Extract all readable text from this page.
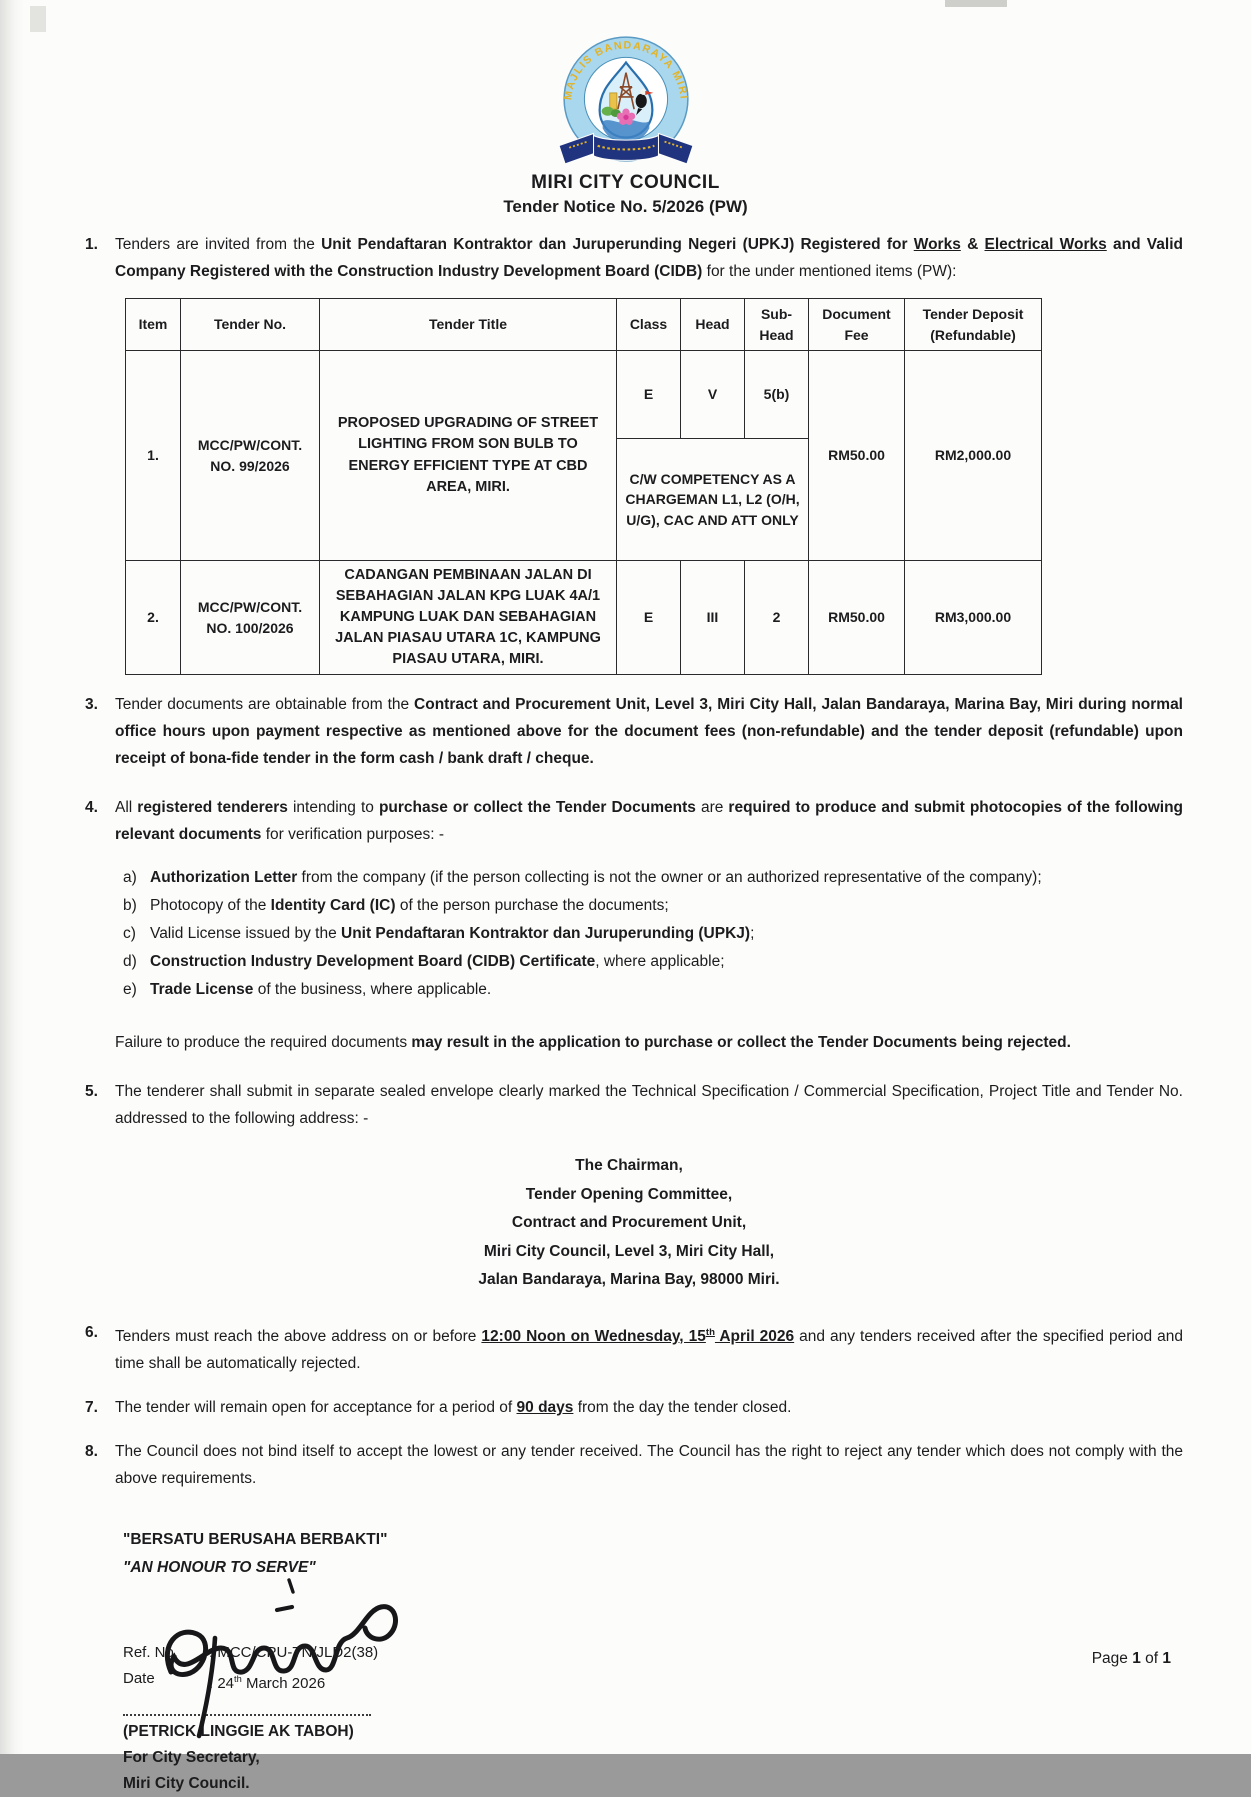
MAJLIS BANDARAYA MIRI
MIRI CITY COUNCIL
Tender Notice No. 5/2026 (PW)
1.	Tenders are invited from the Unit Pendaftaran Kontraktor dan Juruperunding Negeri (UPKJ) Registered for Works & Electrical Works and Valid Company Registered with the Construction Industry Development Board (CIDB) for the under mentioned items (PW):
Item	Tender No.	Tender Title	Class	Head	Sub-Head	Document Fee	Tender Deposit (Refundable)
1.	MCC/PW/CONT. NO. 99/2026	PROPOSED UPGRADING OF STREET LIGHTING FROM SON BULB TO ENERGY EFFICIENT TYPE AT CBD AREA, MIRI.	E	V	5(b)	RM50.00	RM2,000.00
			C/W COMPETENCY AS A CHARGEMAN L1, L2 (O/H, U/G), CAC AND ATT ONLY				
2.	MCC/PW/CONT. NO. 100/2026	CADANGAN PEMBINAAN JALAN DI SEBAHAGIAN JALAN KPG LUAK 4A/1 KAMPUNG LUAK DAN SEBAHAGIAN JALAN PIASAU UTARA 1C, KAMPUNG PIASAU UTARA, MIRI.	E	III	2	RM50.00	RM3,000.00
3.	Tender documents are obtainable from the Contract and Procurement Unit, Level 3, Miri City Hall, Jalan Bandaraya, Marina Bay, Miri during normal office hours upon payment respective as mentioned above for the document fees (non-refundable) and the tender deposit (refundable) upon receipt of bona-fide tender in the form cash / bank draft / cheque.
4.	All registered tenderers intending to purchase or collect the Tender Documents are required to produce and submit photocopies of the following relevant documents for verification purposes: -
a) Authorization Letter from the company (if the person collecting is not the owner or an authorized representative of the company);
b) Photocopy of the Identity Card (IC) of the person purchase the documents;
c) Valid License issued by the Unit Pendaftaran Kontraktor dan Juruperunding (UPKJ);
d) Construction Industry Development Board (CIDB) Certificate, where applicable;
e) Trade License of the business, where applicable.
Failure to produce the required documents may result in the application to purchase or collect the Tender Documents being rejected.
5.	The tenderer shall submit in separate sealed envelope clearly marked the Technical Specification / Commercial Specification, Project Title and Tender No. addressed to the following address: -
The Chairman,
Tender Opening Committee,
Contract and Procurement Unit,
Miri City Council, Level 3, Miri City Hall,
Jalan Bandaraya, Marina Bay, 98000 Miri.
6.	Tenders must reach the above address on or before 12:00 Noon on Wednesday, 15th April 2026 and any tenders received after the specified period and time shall be automatically rejected.
7.	The tender will remain open for acceptance for a period of 90 days from the day the tender closed.
8.	The Council does not bind itself to accept the lowest or any tender received. The Council has the right to reject any tender which does not comply with the above requirements.
"BERSATU BERUSAHA BERBAKTI"
"AN HONOUR TO SERVE"
(PETRICK LINGGIE AK TABOH)
For City Secretary,
Miri City Council.
Ref. No.	: MCC/CPU-TN/JLD2(38)
Date	: 24th March 2026
Page 1 of 1
